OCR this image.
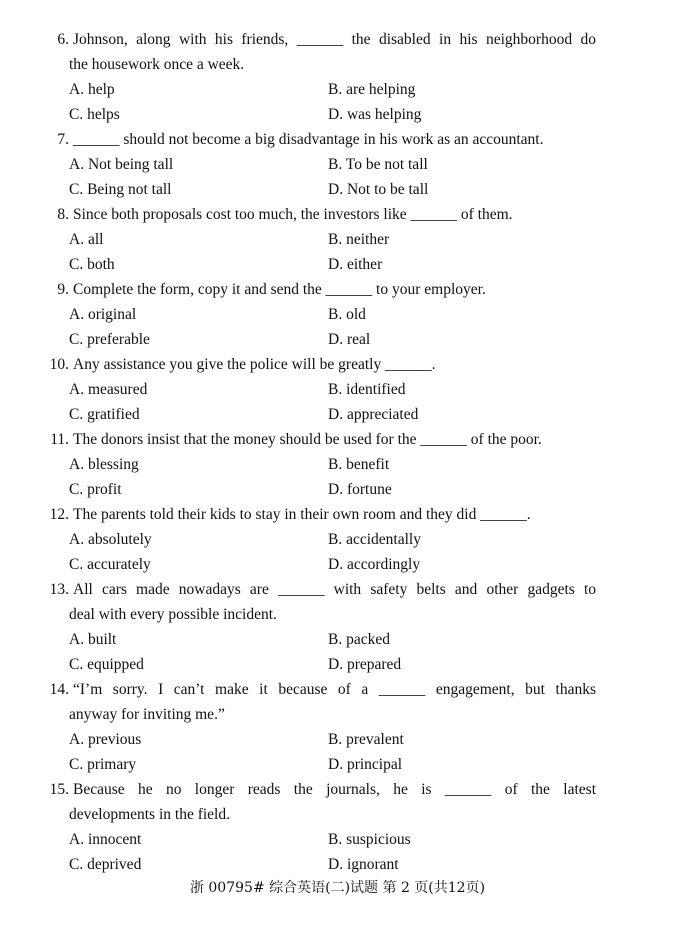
6. Johnson, along with his friends, ______ the disabled in his neighborhood do
the housework once a week.
A. help	B. are helping
C. helps	D. was helping
7. ______ should not become a big disadvantage in his work as an accountant.
A. Not being tall	B. To be not tall
C. Being not tall	D. Not to be tall
8. Since both proposals cost too much, the investors like ______ of them.
A. all	B. neither
C. both	D. either
9. Complete the form, copy it and send the ______ to your employer.
A. original	B. old
C. preferable	D. real
10. Any assistance you give the police will be greatly ______.
A. measured	B. identified
C. gratified	D. appreciated
11. The donors insist that the money should be used for the ______ of the poor.
A. blessing	B. benefit
C. profit	D. fortune
12. The parents told their kids to stay in their own room and they did ______.
A. absolutely	B. accidentally
C. accurately	D. accordingly
13. All cars made nowadays are ______ with safety belts and other gadgets to
deal with every possible incident.
A. built	B. packed
C. equipped	D. prepared
14. “I’m sorry. I can’t make it because of a ______ engagement, but thanks
anyway for inviting me.”
A. previous	B. prevalent
C. primary	D. principal
15. Because he no longer reads the journals, he is ______ of the latest
developments in the field.
A. innocent	B. suspicious
C. deprived	D. ignorant
浙 00795# 综合英语(二)试题 第 2 页(共12页)
